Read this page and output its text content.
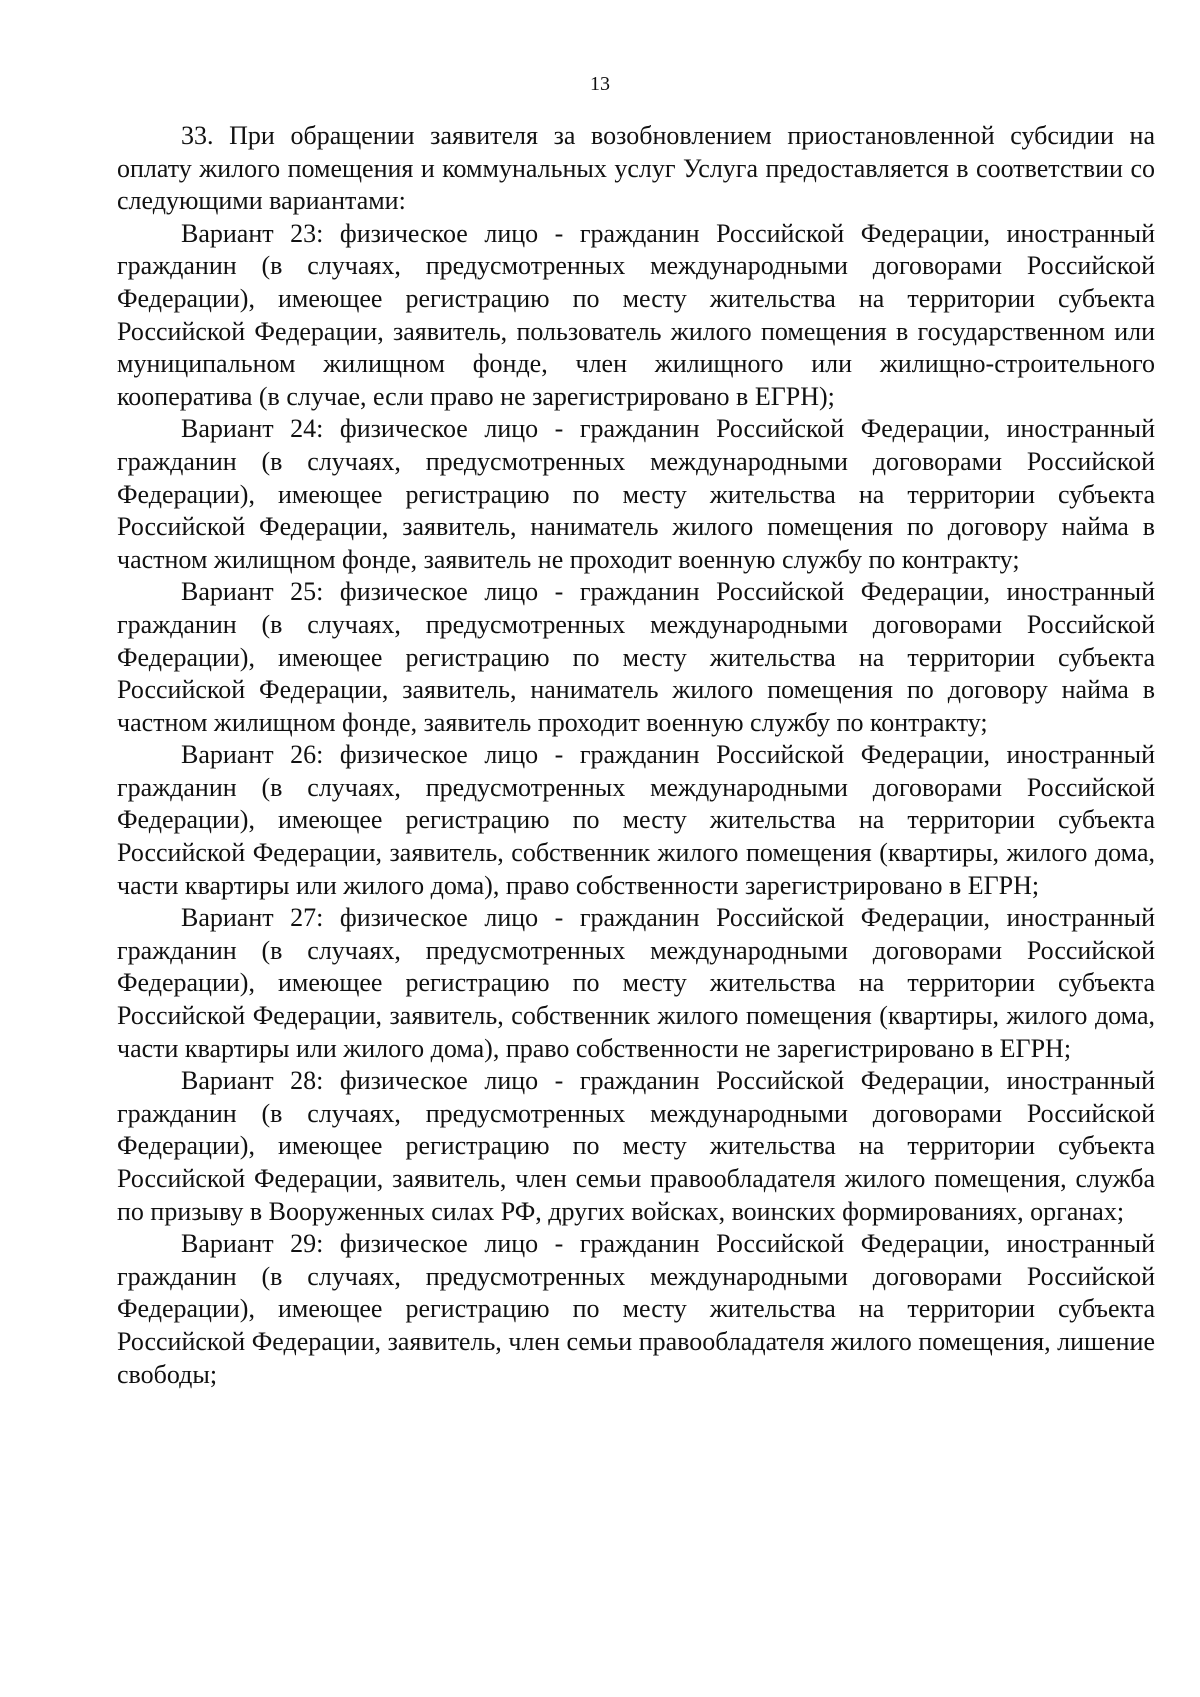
13

33. При обращении заявителя за возобновлением приостановленной субсидии на оплату жилого помещения и коммунальных услуг Услуга предоставляется в соответствии со следующими вариантами:

Вариант 23: физическое лицо - гражданин Российской Федерации, иностранный гражданин (в случаях, предусмотренных международными договорами Российской Федерации), имеющее регистрацию по месту жительства на территории субъекта Российской Федерации, заявитель, пользователь жилого помещения в государственном или муниципальном жилищном фонде, член жилищного или жилищно-строительного кооператива (в случае, если право не зарегистрировано в ЕГРН);

Вариант 24: физическое лицо - гражданин Российской Федерации, иностранный гражданин (в случаях, предусмотренных международными договорами Российской Федерации), имеющее регистрацию по месту жительства на территории субъекта Российской Федерации, заявитель, наниматель жилого помещения по договору найма в частном жилищном фонде, заявитель не проходит военную службу по контракту;

Вариант 25: физическое лицо - гражданин Российской Федерации, иностранный гражданин (в случаях, предусмотренных международными договорами Российской Федерации), имеющее регистрацию по месту жительства на территории субъекта Российской Федерации, заявитель, наниматель жилого помещения по договору найма в частном жилищном фонде, заявитель проходит военную службу по контракту;

Вариант 26: физическое лицо - гражданин Российской Федерации, иностранный гражданин (в случаях, предусмотренных международными договорами Российской Федерации), имеющее регистрацию по месту жительства на территории субъекта Российской Федерации, заявитель, собственник жилого помещения (квартиры, жилого дома, части квартиры или жилого дома), право собственности зарегистрировано в ЕГРН;

Вариант 27: физическое лицо - гражданин Российской Федерации, иностранный гражданин (в случаях, предусмотренных международными договорами Российской Федерации), имеющее регистрацию по месту жительства на территории субъекта Российской Федерации, заявитель, собственник жилого помещения (квартиры, жилого дома, части квартиры или жилого дома), право собственности не зарегистрировано в ЕГРН;

Вариант 28: физическое лицо - гражданин Российской Федерации, иностранный гражданин (в случаях, предусмотренных международными договорами Российской Федерации), имеющее регистрацию по месту жительства на территории субъекта Российской Федерации, заявитель, член семьи правообладателя жилого помещения, служба по призыву в Вооруженных силах РФ, других войсках, воинских формированиях, органах;

Вариант 29: физическое лицо - гражданин Российской Федерации, иностранный гражданин (в случаях, предусмотренных международными договорами Российской Федерации), имеющее регистрацию по месту жительства на территории субъекта Российской Федерации, заявитель, член семьи правообладателя жилого помещения, лишение свободы;
